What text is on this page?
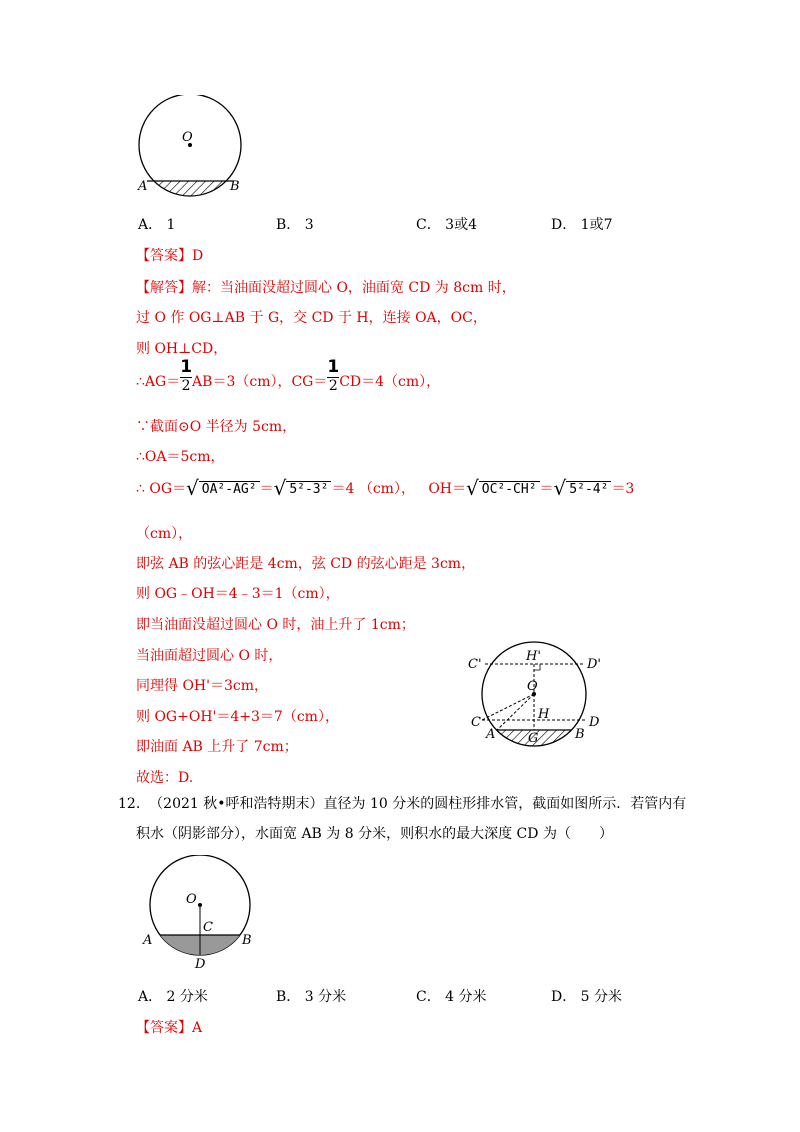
O
A	B
A． 1	B． 3	C． 3或4	D． 1或7
【答案】D
【解答】解：当油面没超过圆心 O，油面宽 CD 为 8cm 时，
过 O 作 OG⊥AB 于 G，交 CD 于 H，连接 OA，OC，
则 OH⊥CD，
∴AG＝ $\frac{1}{2} AB=3(cm)$，$CG= \frac{1}{2} CD=4(cm)$，
∵截面⊙O 半径为 5cm，
∴OA＝5cm，
∴ OG＝√ OA²-AG² ＝√ 5²-3² ＝4 （cm）， OH＝√ OC²-CH² ＝√ 5²-4² ＝3
（cm），
即弦 AB 的弦心距是 4cm，弦 CD 的弦心距是 3cm，
则 OG﹣OH＝4﹣3＝1（cm），
即当油面没超过圆心 O 时，油上升了 1cm；
当油面超过圆心 O 时，
同理得 OH'＝3cm，
则 OG+OH'＝4+3＝7（cm），
即油面 AB 上升了 7cm；
故选：D.
C'
H'
D'
O
C
H
D
A	G	B
12. （2021 秋•呼和浩特期末）直径为 10 分米的圆柱形排水管，截面如图所示．若管内有
积水（阴影部分），水面宽 AB 为 8 分米，则积水的最大深度 CD 为（　　）
O
C
A	B
D
A． 2 分米	B． 3 分米	C． 4 分米	D． 5 分米
【答案】A
